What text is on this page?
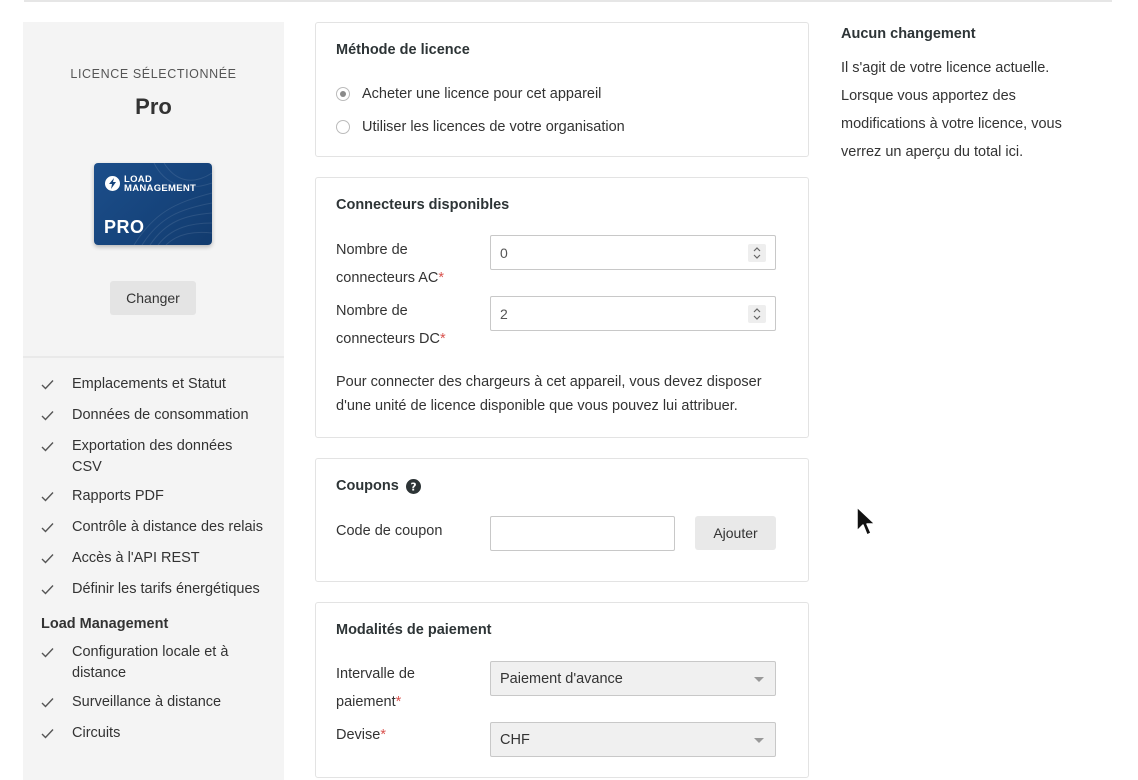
LICENCE SÉLECTIONNÉE
Pro
LOAD
MANAGEMENT
PRO
Changer
Emplacements et Statut
Données de consommation
Exportation des données CSV
Rapports PDF
Contrôle à distance des relais
Accès à l'API REST
Définir les tarifs énergétiques
Load Management
Configuration locale et à distance
Surveillance à distance
Circuits
Méthode de licence
Acheter une licence pour cet appareil
Utiliser les licences de votre organisation
Connecteurs disponibles
Nombre de
connecteurs AC*
0
Nombre de
connecteurs DC*
2

Pour connecter des chargeurs à cet appareil, vous devez disposer d'une unité de licence disponible que vous pouvez lui attribuer.

Coupons ?
Code de coupon	Ajouter
Modalités de paiement
Intervalle de
paiement*
Paiement d'avance
Devise*	CHF
Aucun changement

Il s'agit de votre licence actuelle. Lorsque vous apportez des modifications à votre licence, vous verrez un aperçu du total ici.
